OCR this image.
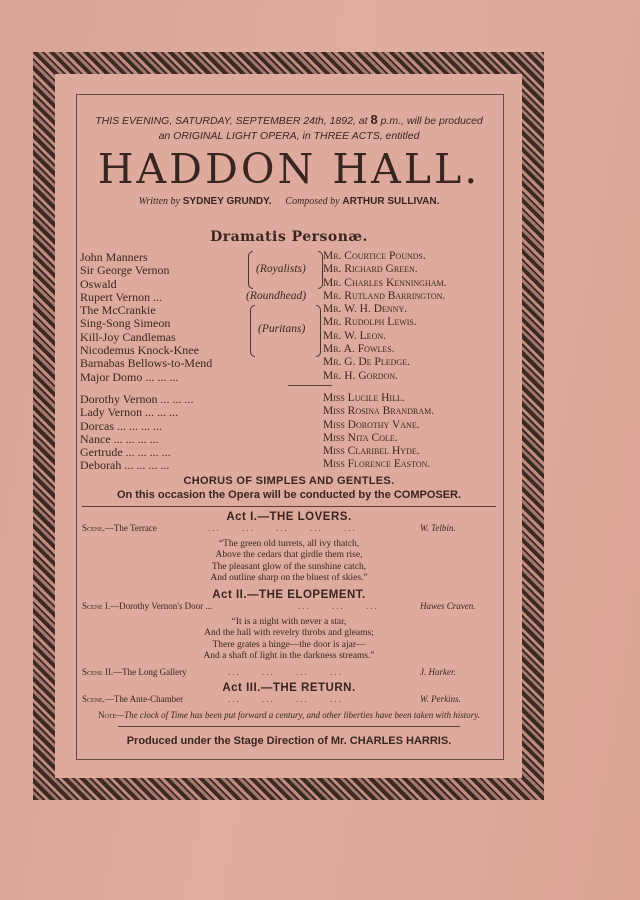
THIS EVENING, SATURDAY, SEPTEMBER 24th, 1892, at 8 p.m., will be produced
an ORIGINAL LIGHT OPERA, in THREE ACTS, entitled
HADDON HALL.
Written by SYDNEY GRUNDY. Composed by ARTHUR SULLIVAN.
Dramatis Personæ.
John Manners	Mr. Courtice Pounds.
Sir George Vernon	Mr. Richard Green.
Oswald	Mr. Charles Kenningham.
Rupert Vernon ...	Mr. Rutland Barrington.
The McCrankie	Mr. W. H. Denny.
Sing-Song Simeon	Mr. Rudolph Lewis.
Kill-Joy Candlemas	Mr. W. Leon.
Nicodemus Knock-Knee	Mr. A. Fowles.
Barnabas Bellows-to-Mend	Mr. G. De Pledge.
Major Domo ... ... ...	Mr. H. Gordon.
(Royalists)
(Roundhead)
(Puritans)
Dorothy Vernon ... ... ...	Miss Lucile Hill.
Lady Vernon ... ... ...	Miss Rosina Brandram.
Dorcas ... ... ... ...	Miss Dorothy Vane.
Nance ... ... ... ...	Miss Nita Cole.
Gertrude ... ... ... ...	Miss Claribel Hyde.
Deborah ... ... ... ...	Miss Florence Easton.
CHORUS OF SIMPLES AND GENTLES.
On this occasion the Opera will be conducted by the COMPOSER.
Act I.—THE LOVERS.
Scene.—The Terrace	...     ...     ...     ...     ...	W. Telbin.
“The green old turrets, all ivy thatch,
Above the cedars that girdle them rise,
The pleasant glow of the sunshine catch,
And outline sharp on the bluest of skies.”
Act II.—THE ELOPEMENT.
Scene I.—Dorothy Vernon's Door ...	...     ...     ...	Hawes Craven.
“It is a night with never a star,
And the hall with revelry throbs and gleams;
There grates a hinge—the door is ajar—
And a shaft of light in the darkness streams.”
Scene II.—The Long Gallery	...     ...     ...     ...	J. Harker.
Act III.—THE RETURN.
Scene.—The Ante-Chamber	...     ...     ...     ...	W. Perkins.
Note—The clock of Time has been put forward a century, and other liberties have been taken with history.
Produced under the Stage Direction of Mr. CHARLES HARRIS.
